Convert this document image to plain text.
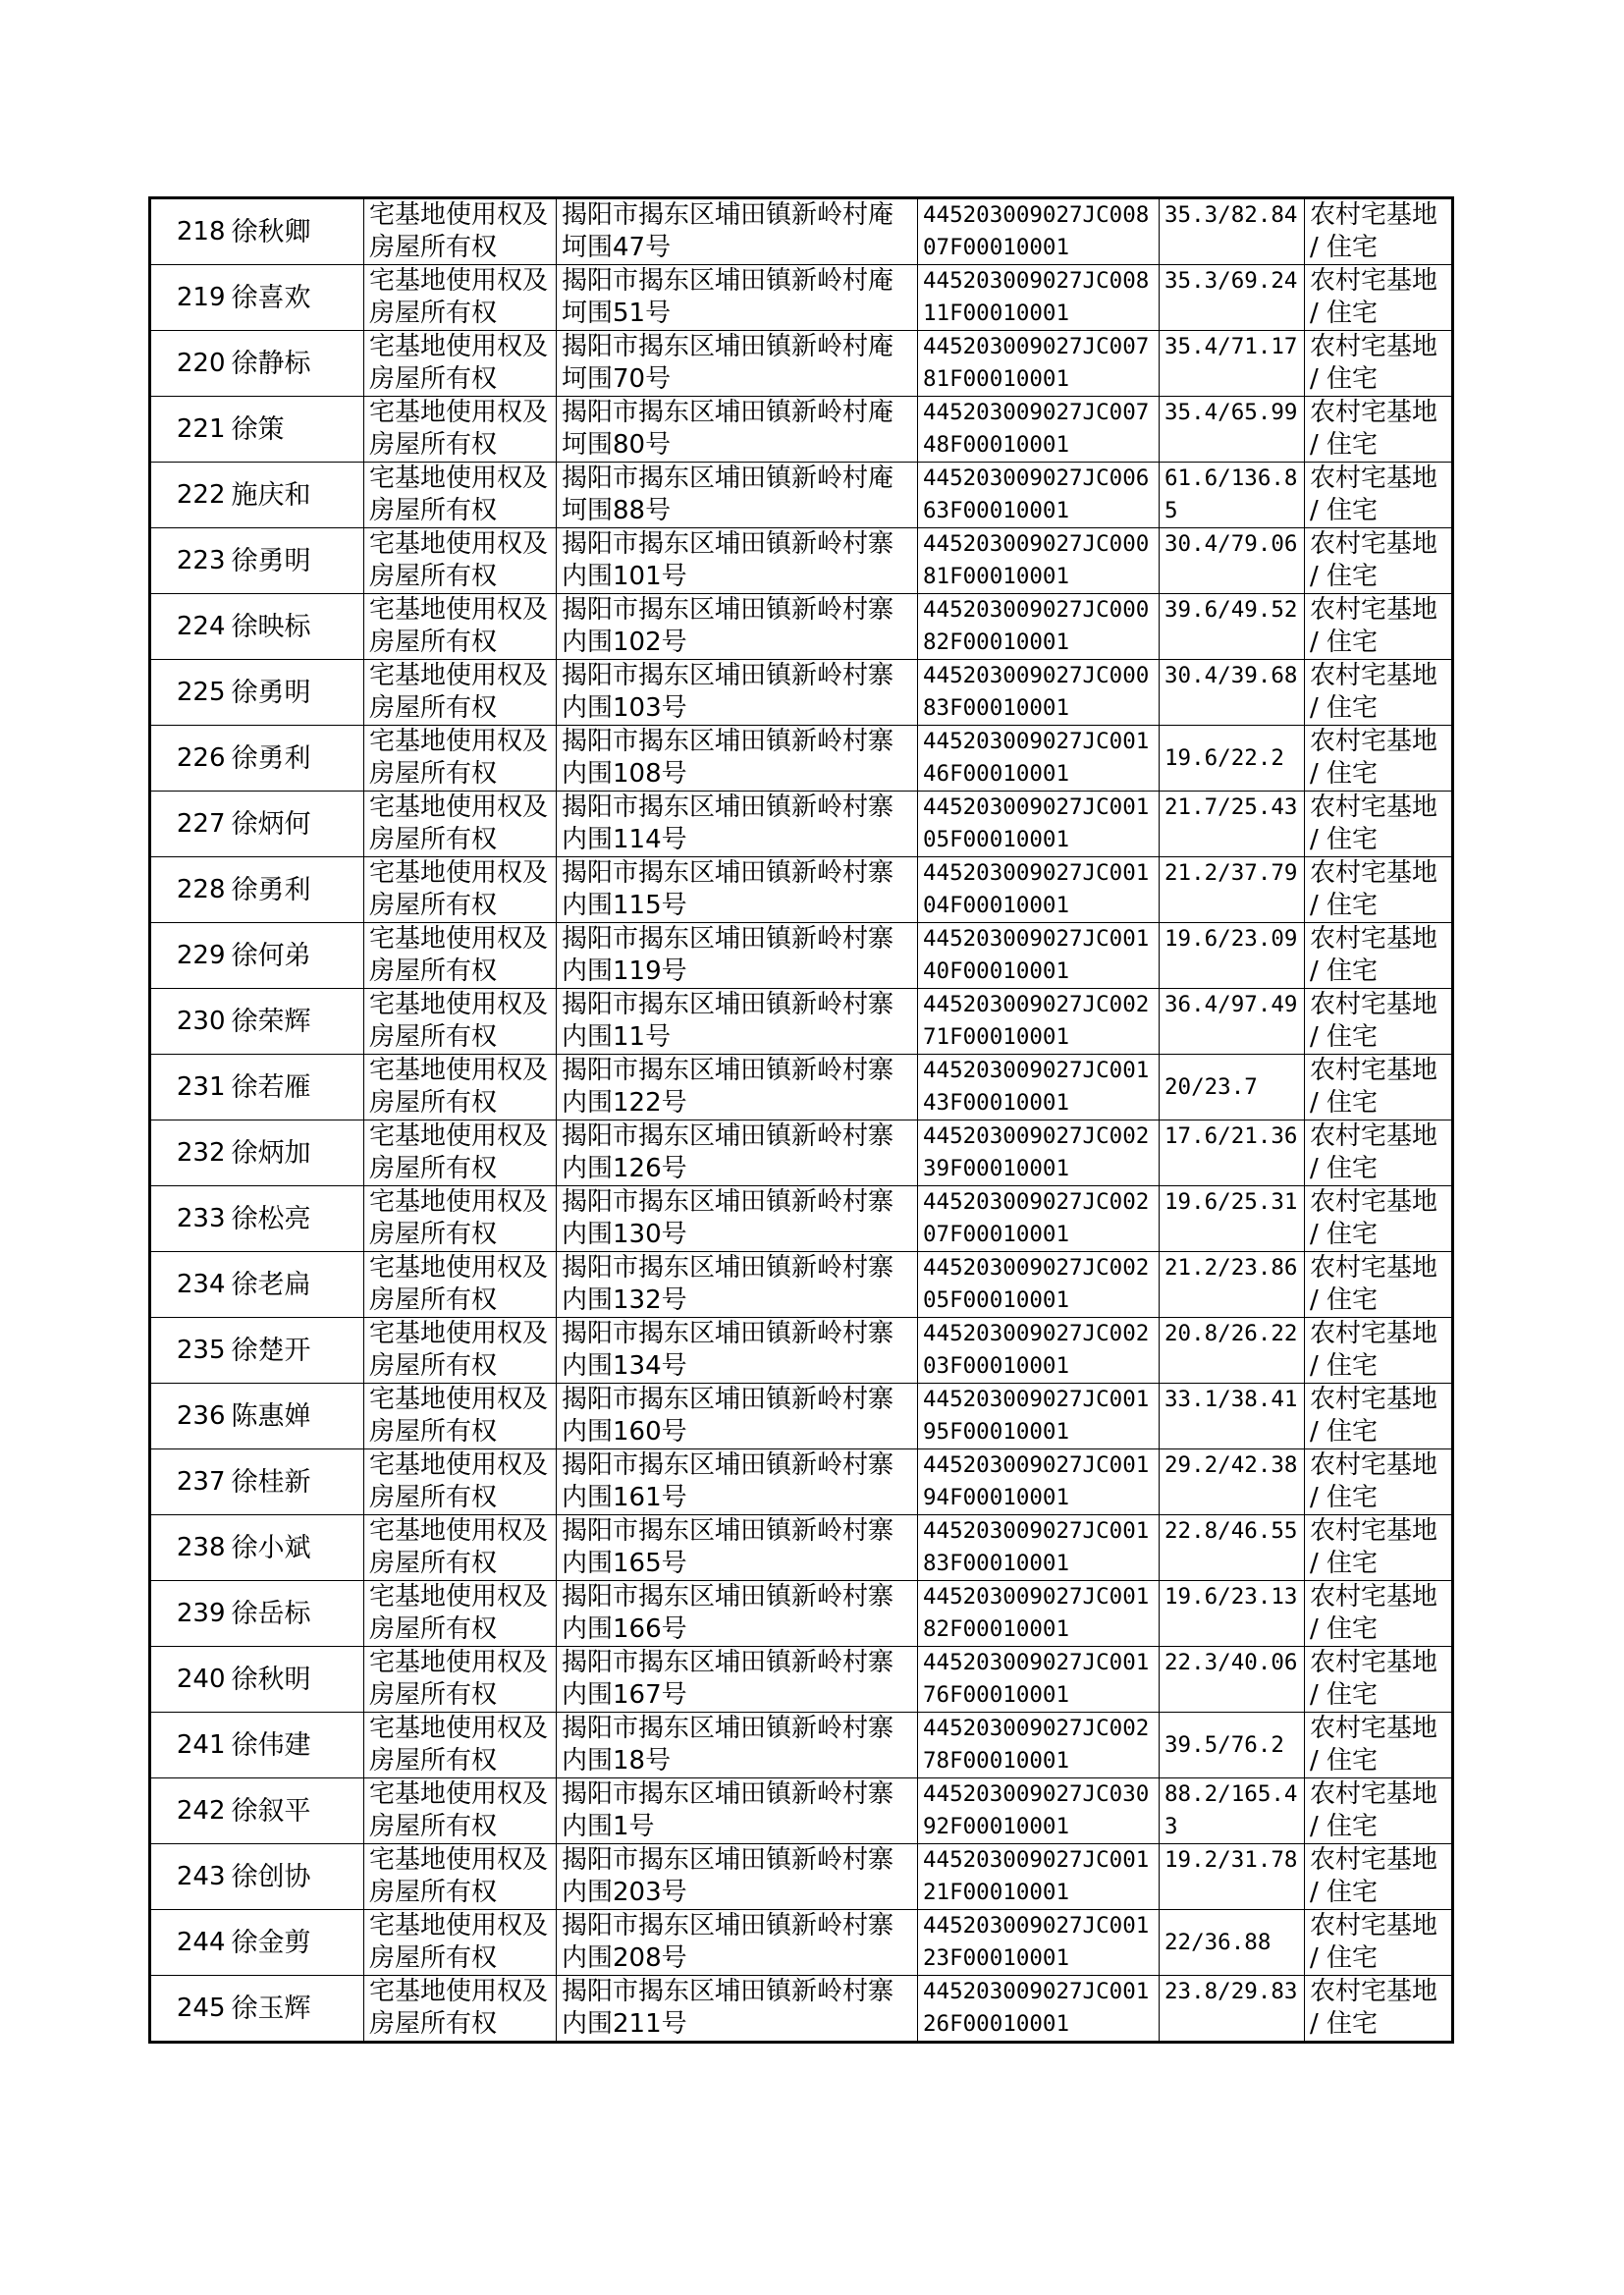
218	徐秋卿	宅基地使用权及房屋所有权	揭阳市揭东区埔田镇新岭村庵坷围47号	445203009027JC00807F00010001	35.3/82.84	农村宅基地 / 住宅
219	徐喜欢	宅基地使用权及房屋所有权	揭阳市揭东区埔田镇新岭村庵坷围51号	445203009027JC00811F00010001	35.3/69.24	农村宅基地 / 住宅
220	徐静标	宅基地使用权及房屋所有权	揭阳市揭东区埔田镇新岭村庵坷围70号	445203009027JC00781F00010001	35.4/71.17	农村宅基地 / 住宅
221	徐策	宅基地使用权及房屋所有权	揭阳市揭东区埔田镇新岭村庵坷围80号	445203009027JC00748F00010001	35.4/65.99	农村宅基地 / 住宅
222	施庆和	宅基地使用权及房屋所有权	揭阳市揭东区埔田镇新岭村庵坷围88号	445203009027JC00663F00010001	61.6/136.85	农村宅基地 / 住宅
223	徐勇明	宅基地使用权及房屋所有权	揭阳市揭东区埔田镇新岭村寨内围101号	445203009027JC00081F00010001	30.4/79.06	农村宅基地 / 住宅
224	徐映标	宅基地使用权及房屋所有权	揭阳市揭东区埔田镇新岭村寨内围102号	445203009027JC00082F00010001	39.6/49.52	农村宅基地 / 住宅
225	徐勇明	宅基地使用权及房屋所有权	揭阳市揭东区埔田镇新岭村寨内围103号	445203009027JC00083F00010001	30.4/39.68	农村宅基地 / 住宅
226	徐勇利	宅基地使用权及房屋所有权	揭阳市揭东区埔田镇新岭村寨内围108号	445203009027JC00146F00010001	19.6/22.2	农村宅基地 / 住宅
227	徐炳何	宅基地使用权及房屋所有权	揭阳市揭东区埔田镇新岭村寨内围114号	445203009027JC00105F00010001	21.7/25.43	农村宅基地 / 住宅
228	徐勇利	宅基地使用权及房屋所有权	揭阳市揭东区埔田镇新岭村寨内围115号	445203009027JC00104F00010001	21.2/37.79	农村宅基地 / 住宅
229	徐何弟	宅基地使用权及房屋所有权	揭阳市揭东区埔田镇新岭村寨内围119号	445203009027JC00140F00010001	19.6/23.09	农村宅基地 / 住宅
230	徐荣辉	宅基地使用权及房屋所有权	揭阳市揭东区埔田镇新岭村寨内围11号	445203009027JC00271F00010001	36.4/97.49	农村宅基地 / 住宅
231	徐若雁	宅基地使用权及房屋所有权	揭阳市揭东区埔田镇新岭村寨内围122号	445203009027JC00143F00010001	20/23.7	农村宅基地 / 住宅
232	徐炳加	宅基地使用权及房屋所有权	揭阳市揭东区埔田镇新岭村寨内围126号	445203009027JC00239F00010001	17.6/21.36	农村宅基地 / 住宅
233	徐松亮	宅基地使用权及房屋所有权	揭阳市揭东区埔田镇新岭村寨内围130号	445203009027JC00207F00010001	19.6/25.31	农村宅基地 / 住宅
234	徐老扁	宅基地使用权及房屋所有权	揭阳市揭东区埔田镇新岭村寨内围132号	445203009027JC00205F00010001	21.2/23.86	农村宅基地 / 住宅
235	徐楚开	宅基地使用权及房屋所有权	揭阳市揭东区埔田镇新岭村寨内围134号	445203009027JC00203F00010001	20.8/26.22	农村宅基地 / 住宅
236	陈惠婵	宅基地使用权及房屋所有权	揭阳市揭东区埔田镇新岭村寨内围160号	445203009027JC00195F00010001	33.1/38.41	农村宅基地 / 住宅
237	徐桂新	宅基地使用权及房屋所有权	揭阳市揭东区埔田镇新岭村寨内围161号	445203009027JC00194F00010001	29.2/42.38	农村宅基地 / 住宅
238	徐小斌	宅基地使用权及房屋所有权	揭阳市揭东区埔田镇新岭村寨内围165号	445203009027JC00183F00010001	22.8/46.55	农村宅基地 / 住宅
239	徐岳标	宅基地使用权及房屋所有权	揭阳市揭东区埔田镇新岭村寨内围166号	445203009027JC00182F00010001	19.6/23.13	农村宅基地 / 住宅
240	徐秋明	宅基地使用权及房屋所有权	揭阳市揭东区埔田镇新岭村寨内围167号	445203009027JC00176F00010001	22.3/40.06	农村宅基地 / 住宅
241	徐伟建	宅基地使用权及房屋所有权	揭阳市揭东区埔田镇新岭村寨内围18号	445203009027JC00278F00010001	39.5/76.2	农村宅基地 / 住宅
242	徐叙平	宅基地使用权及房屋所有权	揭阳市揭东区埔田镇新岭村寨内围1号	445203009027JC03092F00010001	88.2/165.43	农村宅基地 / 住宅
243	徐创协	宅基地使用权及房屋所有权	揭阳市揭东区埔田镇新岭村寨内围203号	445203009027JC00121F00010001	19.2/31.78	农村宅基地 / 住宅
244	徐金剪	宅基地使用权及房屋所有权	揭阳市揭东区埔田镇新岭村寨内围208号	445203009027JC00123F00010001	22/36.88	农村宅基地 / 住宅
245	徐玉辉	宅基地使用权及房屋所有权	揭阳市揭东区埔田镇新岭村寨内围211号	445203009027JC00126F00010001	23.8/29.83	农村宅基地 / 住宅
